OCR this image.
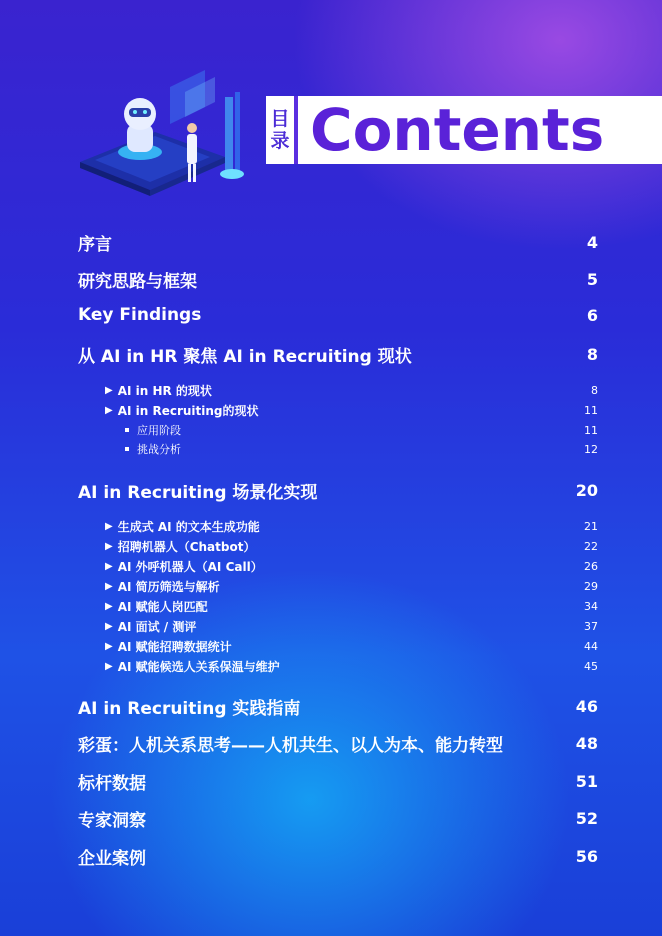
目
录 Contents
序言	4
研究思路与框架	5
Key Findings	6
从 AI in HR 聚焦 AI in Recruiting 现状	8
▶ AI in HR 的现状	8
▶ AI in Recruiting的现状	11
应用阶段	11
挑战分析	12
AI in Recruiting 场景化实现	20
▶ 生成式 AI 的文本生成功能	21
▶ 招聘机器人（Chatbot）	22
▶ AI 外呼机器人（AI Call）	26
▶ AI 简历筛选与解析	29
▶ AI 赋能人岗匹配	34
▶ AI 面试 / 测评	37
▶ AI 赋能招聘数据统计	44
▶ AI 赋能候选人关系保温与维护	45
AI in Recruiting 实践指南	46
彩蛋：人机关系思考——人机共生、以人为本、能力转型	48
标杆数据	51
专家洞察	52
企业案例	56
